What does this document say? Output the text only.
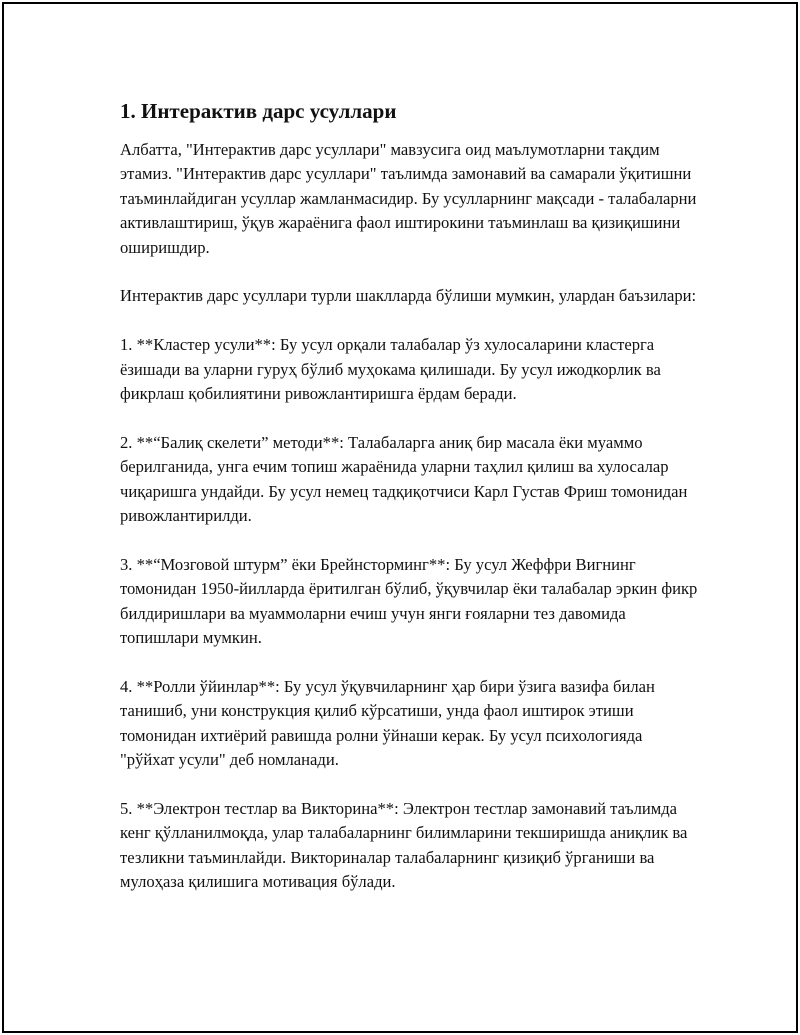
1. Интерактив дарс усуллари

Албатта, "Интерактив дарс усуллари" мавзусига оид маълумотларни тақдим этамиз. "Интерактив дарс усуллари" таълимда замонавий ва самарали ўқитишни таъминлайдиган усуллар жамланмасидир. Бу усулларнинг мақсади - талабаларни активлаштириш, ўқув жараёнига фаол иштирокини таъминлаш ва қизиқишини оширишдир.

Интерактив дарс усуллари турли шаклларда бўлиши мумкин, улардан баъзилари:

1. **Кластер усули**: Бу усул орқали талабалар ўз хулосаларини кластерга ёзишади ва уларни гуруҳ бўлиб муҳокама қилишади. Бу усул ижодкорлик ва фикрлаш қобилиятини ривожлантиришга ёрдам беради.

2. **“Балиқ скелети” методи**: Талабаларга аниқ бир масала ёки муаммо берилганида, унга ечим топиш жараёнида уларни таҳлил қилиш ва хулосалар чиқаришга ундайди. Бу усул немец тадқиқотчиси Карл Густав Фриш томонидан ривожлантирилди.

3. **“Мозговой штурм” ёки Брейнсторминг**: Бу усул Жеффри Вигнинг томонидан 1950-йилларда ёритилган бўлиб, ўқувчилар ёки талабалар эркин фикр билдиришлари ва муаммоларни ечиш учун янги ғояларни тез давомида топишлари мумкин.

4. **Ролли ўйинлар**: Бу усул ўқувчиларнинг ҳар бири ўзига вазифа билан танишиб, уни конструкция қилиб кўрсатиши, унда фаол иштирок этиши томонидан ихтиёрий равишда ролни ўйнаши керак. Бу усул психологияда "рўйхат усули" деб номланади.

5. **Электрон тестлар ва Викторина**: Электрон тестлар замонавий таълимда кенг қўлланилмоқда, улар талабаларнинг билимларини текширишда аниқлик ва тезликни таъминлайди. Викториналар талабаларнинг қизиқиб ўрганиши ва мулоҳаза қилишига мотивация бўлади.
